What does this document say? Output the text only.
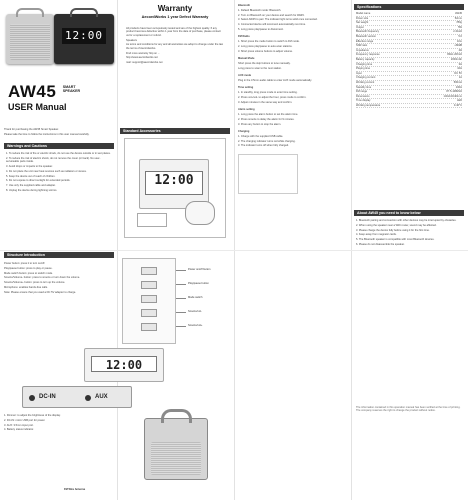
12:00
AW45 SMART
SPEAKER
USER Manual
Warranty
AecordWorks 1 year Defect Warranty

All products have been scrupulously tested and are of the highest quality. If any product becomes defective within 1 year from the date of purchase, please contact us for a replacement or refund.

Speakers

As terms and conditions for any and all warranties we adopt to change under the law the terms of Aecordworks.

Find more warranty http on ...

http://www.aecordworks.net

mail: support@aecordworks.net

Thank for purchasing the AW45 Smart Speaker.

Please take the time to follow the instructions in this user manual carefully.

Warnings and Cautions

1. To reduce the risk of fire or electric shock, do not use the device outside or in wet places.

2. To reduce the risk of electric shock, do not remove the cover (or back). No user-serviceable parts inside.

3. Avoid drops or impacts to the speaker.

4. Do not place the unit near heat sources such as radiators or stoves.

5. Keep the device out of reach of children.

6. Do not expose to direct sunlight for extended periods.

7. Use only the supplied cable and adapter.

8. Unplug the device during lightning storms.

Standard Accessories
12:00
Structure Introduction

Power button: press it to turn on/off.

Play/pause button: press to play or pause.

Mode switch button: press to switch mode.

Snooze/Volume- button: press to snooze or turn down the volume.

Snooze/Volume+ button: press to turn up the volume.

Microphone: enables hands-free calls.

Note: Please ensure that you used a DC 5V adapter to charge.

Power on/off button
Play/pause button
Mode switch
Snooze/vol-
Snooze/vol+
12:00
DC-IN	AUX

1. Dimmer: to adjust the brightness of the display.

2. DC-IN: micro USB port for power.

3. AUX: 3.5mm input port.

4. Battery status indicator.

FM Wire Antenna

Bluetooth

1. Default Bluetooth mode: Bluetooth.

2. Turn on Bluetooth on your device and search for AW45.

3. Select AW45 to pair. The indicator light turns solid once connected.

4. Connected device will reconnect automatically next time.

5. Long press play/pause to disconnect.

FM Radio

1. Short press the mode button to switch to FM mode.

2. Long press play/pause to auto-scan stations.

3. Short press volume buttons to adjust volume.

Manual Mode

Short press the skip buttons to tune manually.

Long press to scan to the next station.

AUX mode

Plug in the 3.5mm audio cable to enter AUX mode automatically.

Time setting

1. In standby, long press mode to enter time setting.

2. Press vol+/vol- to adjust the hour, press mode to confirm.

3. Adjust minutes in the same way and confirm.

Alarm setting

1. Long press the alarm button to set the alarm time.

2. Press snooze to delay the alarm for 9 minutes.

3. Press any button to stop the alarm.

Charging

1. Charge with the supplied USB cable.

2. The charging indicator turns red while charging.

3. The indicator turns off when fully charged.

Specifications
Model name	AW45
Driver size	52mm
Net weight	780g
Output	5W
Bluetooth frequency	2.4GHz
Bluetooth version	5.0
Effective range	10m
SNR ratio	≥80dB
Impedance	4Ω
Frequency response	80Hz-20KHz
Battery capacity	2000mAh
Charging time	3H
Playing time	10H
Input	DC 5V
Charging current	1A
Working current	500mA
Standby time	100H
FM range	87.5-108MHz
Dimensions	146x100x90mm
Time display	LED
Working temperature	0-40°C
About AW45 you need to know below

1. Bluetooth pairing and connection with other devices may be interrupted by obstacles.

2. When using the speaker near a WiFi router, sound may be affected.

3. Please charge the device fully before using it for the first time.

4. Keep away from magnetic cards.

5. The Bluetooth speaker is compatible with most Bluetooth devices.

6. Please do not disassemble the speaker.

The information contained in this operation manual has been verified at the time of printing. The company reserves the right to change the product without notice.
